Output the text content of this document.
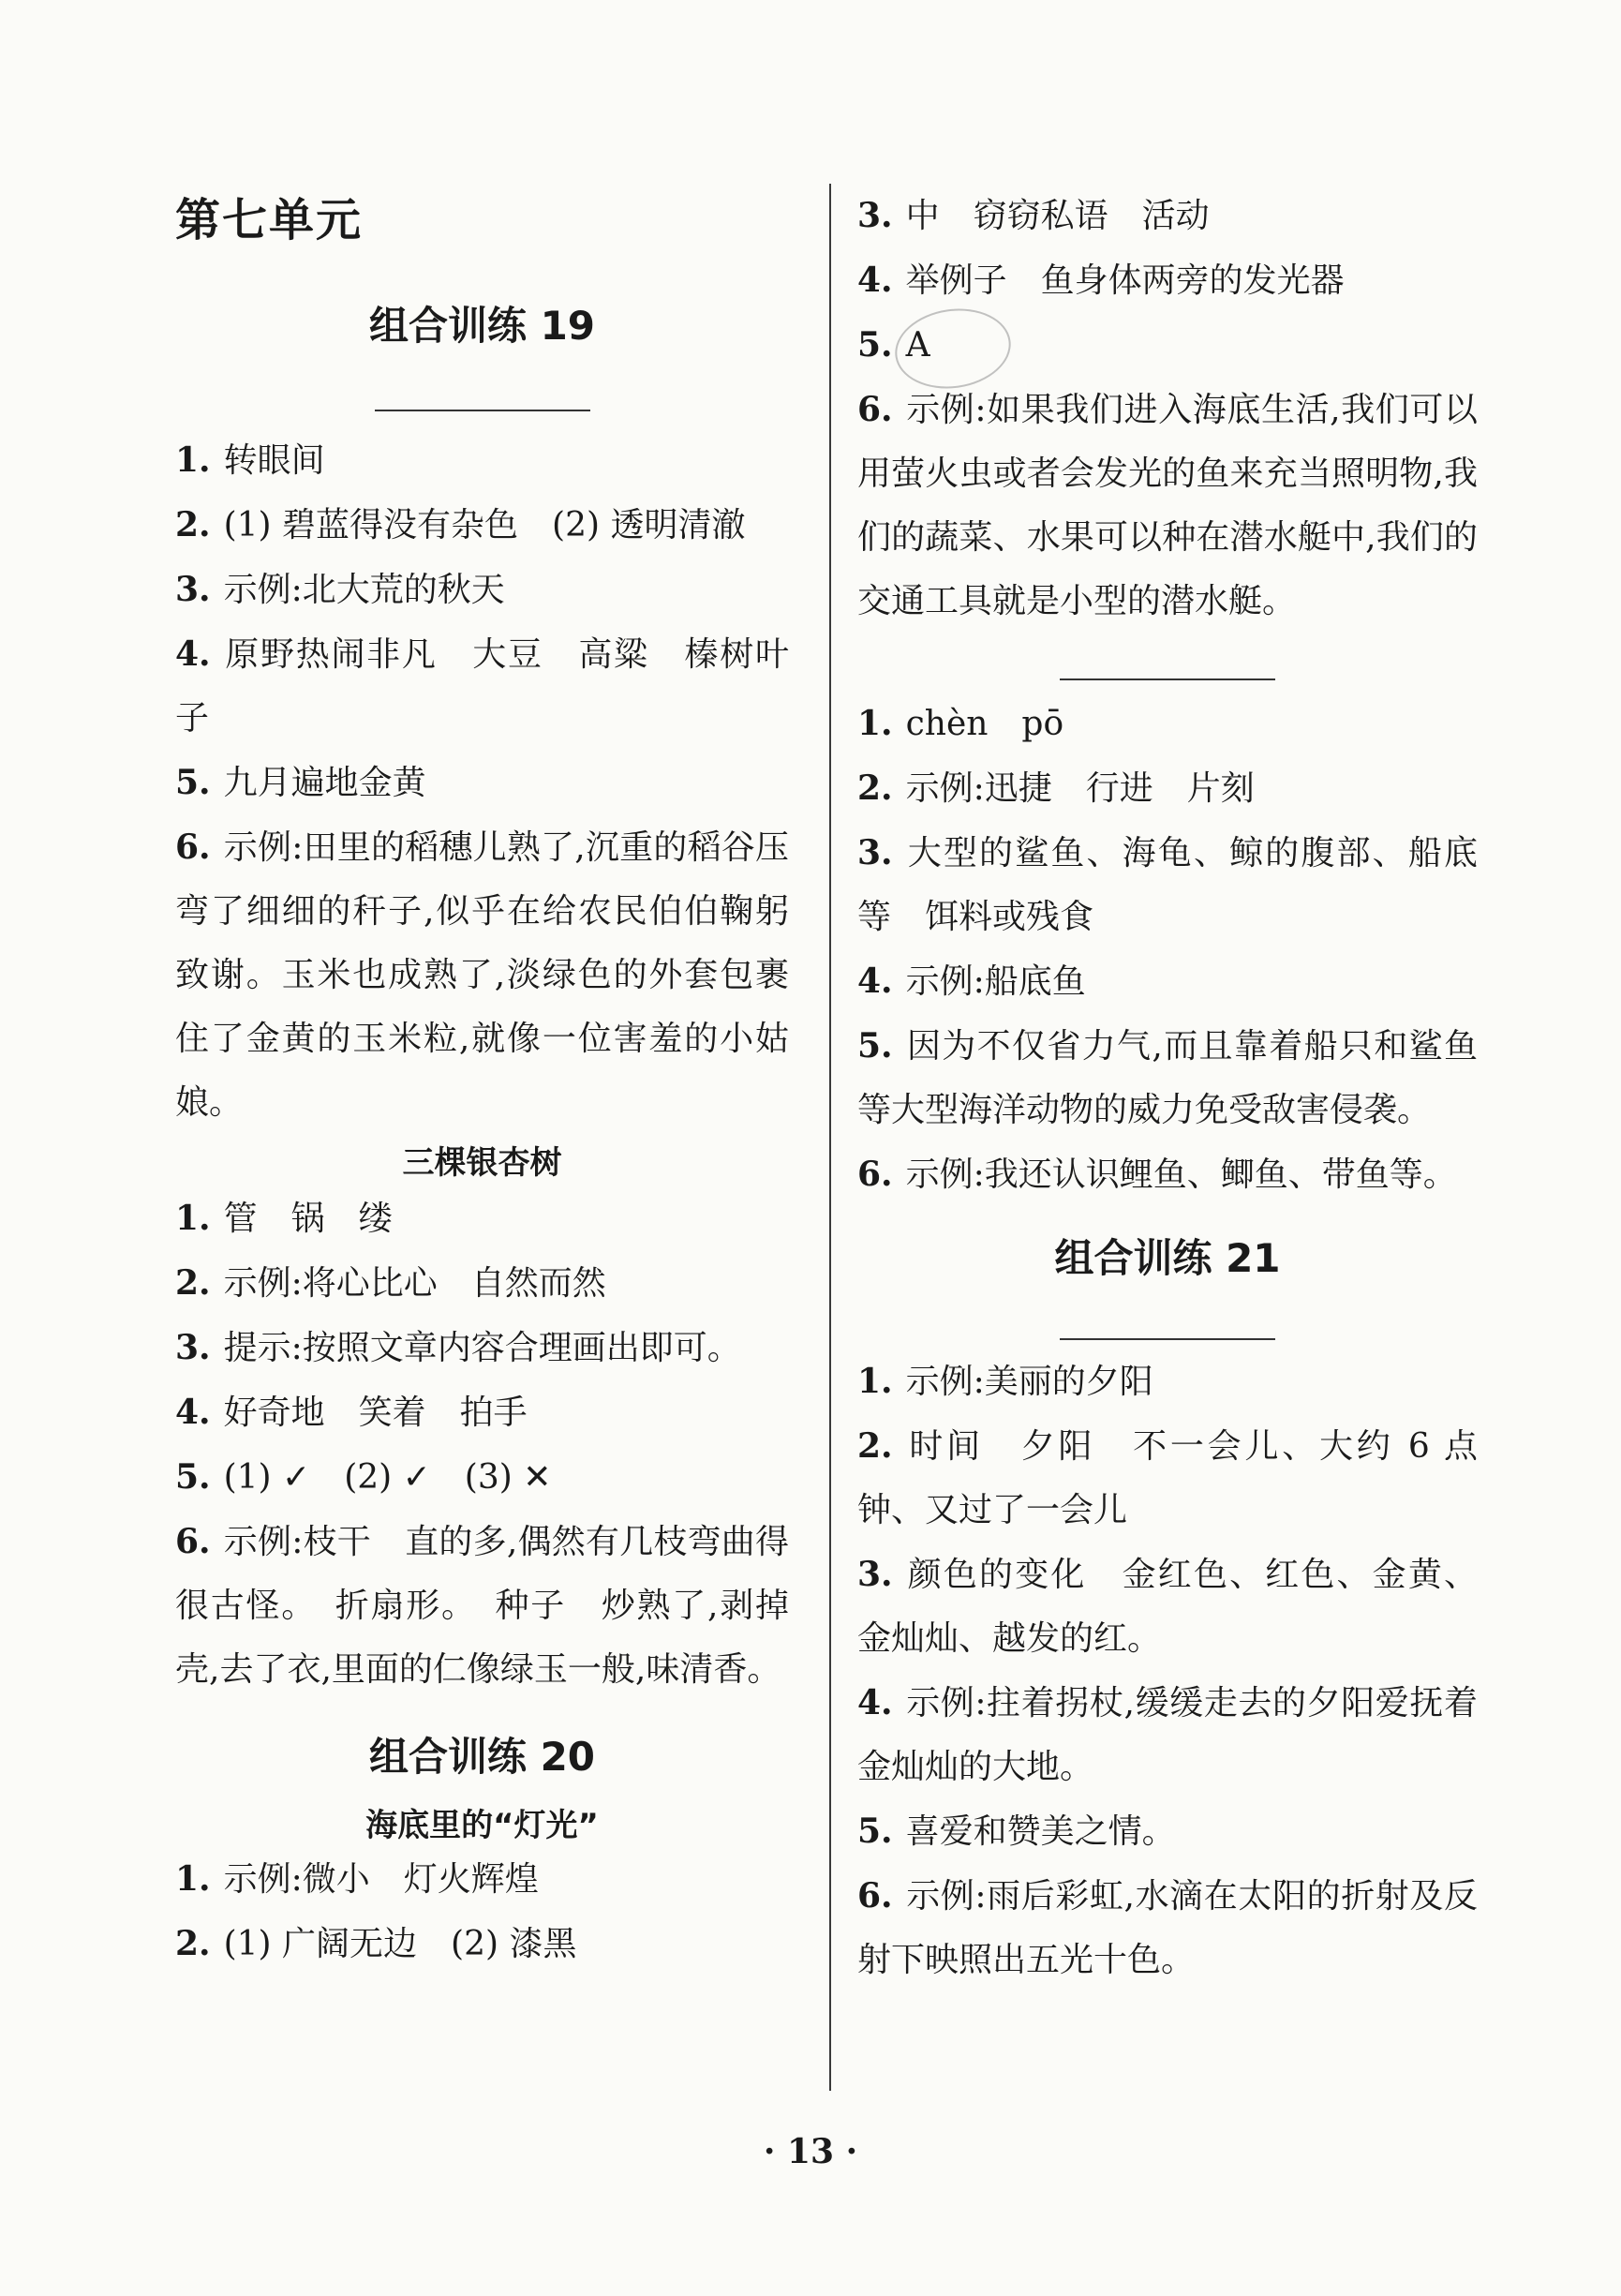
第七单元
组合训练 19

1. 转眼间

2. (1) 碧蓝得没有杂色　(2) 透明清澈

3. 示例:北大荒的秋天

4. 原野热闹非凡　大豆　高粱　榛树叶子

5. 九月遍地金黄

6. 示例:田里的稻穗儿熟了,沉重的稻谷压弯了细细的秆子,似乎在给农民伯伯鞠躬致谢。玉米也成熟了,淡绿色的外套包裹住了金黄的玉米粒,就像一位害羞的小姑娘。

三棵银杏树

1. 管　锅　缕

2. 示例:将心比心　自然而然

3. 提示:按照文章内容合理画出即可。

4. 好奇地　笑着　拍手

5. (1) ✓　(2) ✓　(3) ✕

6. 示例:枝干　直的多,偶然有几枝弯曲得很古怪。　折扇形。　种子　炒熟了,剥掉壳,去了衣,里面的仁像绿玉一般,味清香。

组合训练 20
海底里的“灯光”

1. 示例:微小　灯火辉煌

2. (1) 广阔无边　(2) 漆黑

3. 中　窃窃私语　活动

4. 举例子　鱼身体两旁的发光器

5. A

6. 示例:如果我们进入海底生活,我们可以用萤火虫或者会发光的鱼来充当照明物,我们的蔬菜、水果可以种在潜水艇中,我们的交通工具就是小型的潜水艇。

1. chèn　pō

2. 示例:迅捷　行进　片刻

3. 大型的鲨鱼、海龟、鲸的腹部、船底等　饵料或残食

4. 示例:船底鱼

5. 因为不仅省力气,而且靠着船只和鲨鱼等大型海洋动物的威力免受敌害侵袭。

6. 示例:我还认识鲤鱼、鲫鱼、带鱼等。

组合训练 21

1. 示例:美丽的夕阳

2. 时间　夕阳　不一会儿、大约 6 点钟、又过了一会儿

3. 颜色的变化　金红色、红色、金黄、金灿灿、越发的红。

4. 示例:拄着拐杖,缓缓走去的夕阳爱抚着金灿灿的大地。

5. 喜爱和赞美之情。

6. 示例:雨后彩虹,水滴在太阳的折射及反射下映照出五光十色。

· 13 ·
